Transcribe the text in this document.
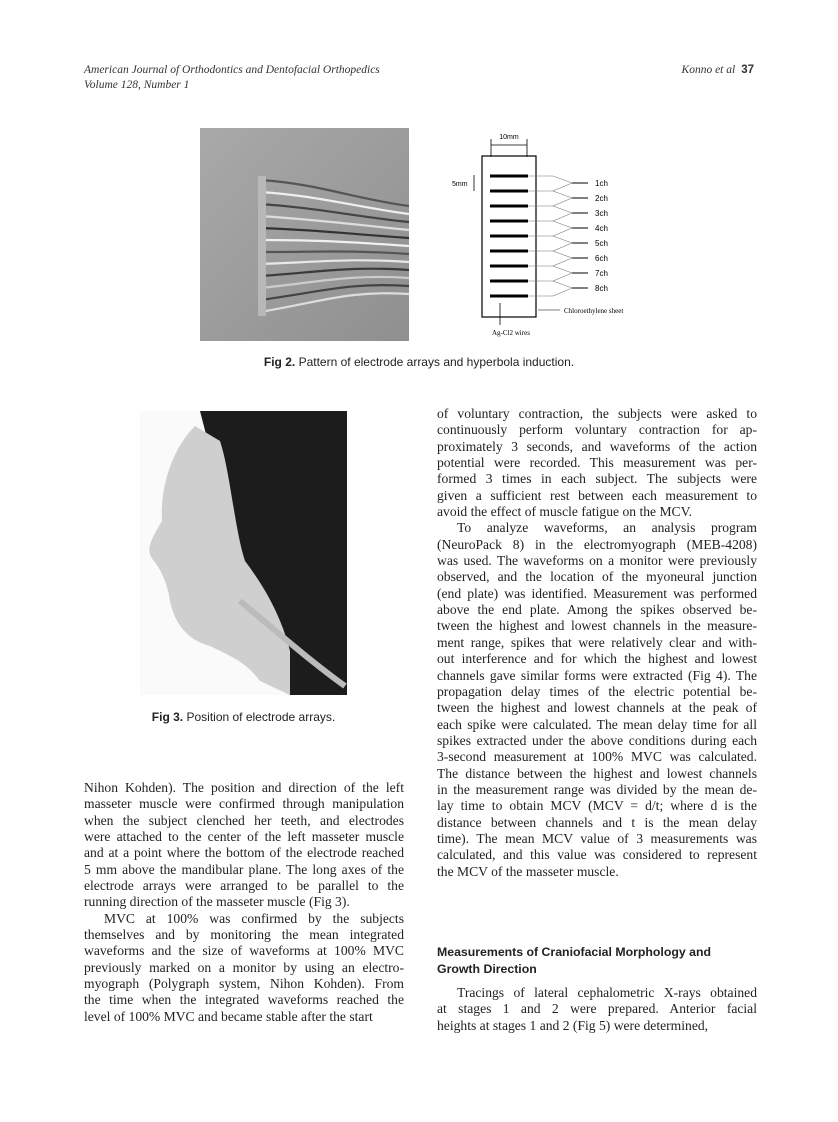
American Journal of Orthodontics and Dentofacial Orthopedics
Volume 128, Number 1
Konno et al 37
10mm
5mm	1ch
2ch
3ch
4ch
5ch
6ch
7ch
8ch
Chloroethylene sheet
Ag-Cl2 wires
Fig 2. Pattern of electrode arrays and hyperbola induction.
Fig 3. Position of electrode arrays.
Nihon Kohden). The position and direction of the left
masseter muscle were confirmed through manipulation
when the subject clenched her teeth, and electrodes
were attached to the center of the left masseter muscle
and at a point where the bottom of the electrode reached
5 mm above the mandibular plane. The long axes of the
electrode arrays were arranged to be parallel to the
running direction of the masseter muscle (Fig 3).
MVC at 100% was confirmed by the subjects
themselves and by monitoring the mean integrated
waveforms and the size of waveforms at 100% MVC
previously marked on a monitor by using an electro-
myograph (Polygraph system, Nihon Kohden). From
the time when the integrated waveforms reached the
level of 100% MVC and became stable after the start
of voluntary contraction, the subjects were asked to
continuously perform voluntary contraction for ap-
proximately 3 seconds, and waveforms of the action
potential were recorded. This measurement was per-
formed 3 times in each subject. The subjects were
given a sufficient rest between each measurement to
avoid the effect of muscle fatigue on the MCV.
To analyze waveforms, an analysis program
(NeuroPack 8) in the electromyograph (MEB-4208)
was used. The waveforms on a monitor were previously
observed, and the location of the myoneural junction
(end plate) was identified. Measurement was performed
above the end plate. Among the spikes observed be-
tween the highest and lowest channels in the measure-
ment range, spikes that were relatively clear and with-
out interference and for which the highest and lowest
channels gave similar forms were extracted (Fig 4). The
propagation delay times of the electric potential be-
tween the highest and lowest channels at the peak of
each spike were calculated. The mean delay time for all
spikes extracted under the above conditions during each
3-second measurement at 100% MVC was calculated.
The distance between the highest and lowest channels
in the measurement range was divided by the mean de-
lay time to obtain MCV (MCV = d/t; where d is the
distance between channels and t is the mean delay
time). The mean MCV value of 3 measurements was
calculated, and this value was considered to represent
the MCV of the masseter muscle.
Measurements of Craniofacial Morphology and
Growth Direction
Tracings of lateral cephalometric X-rays obtained
at stages 1 and 2 were prepared. Anterior facial
heights at stages 1 and 2 (Fig 5) were determined,
